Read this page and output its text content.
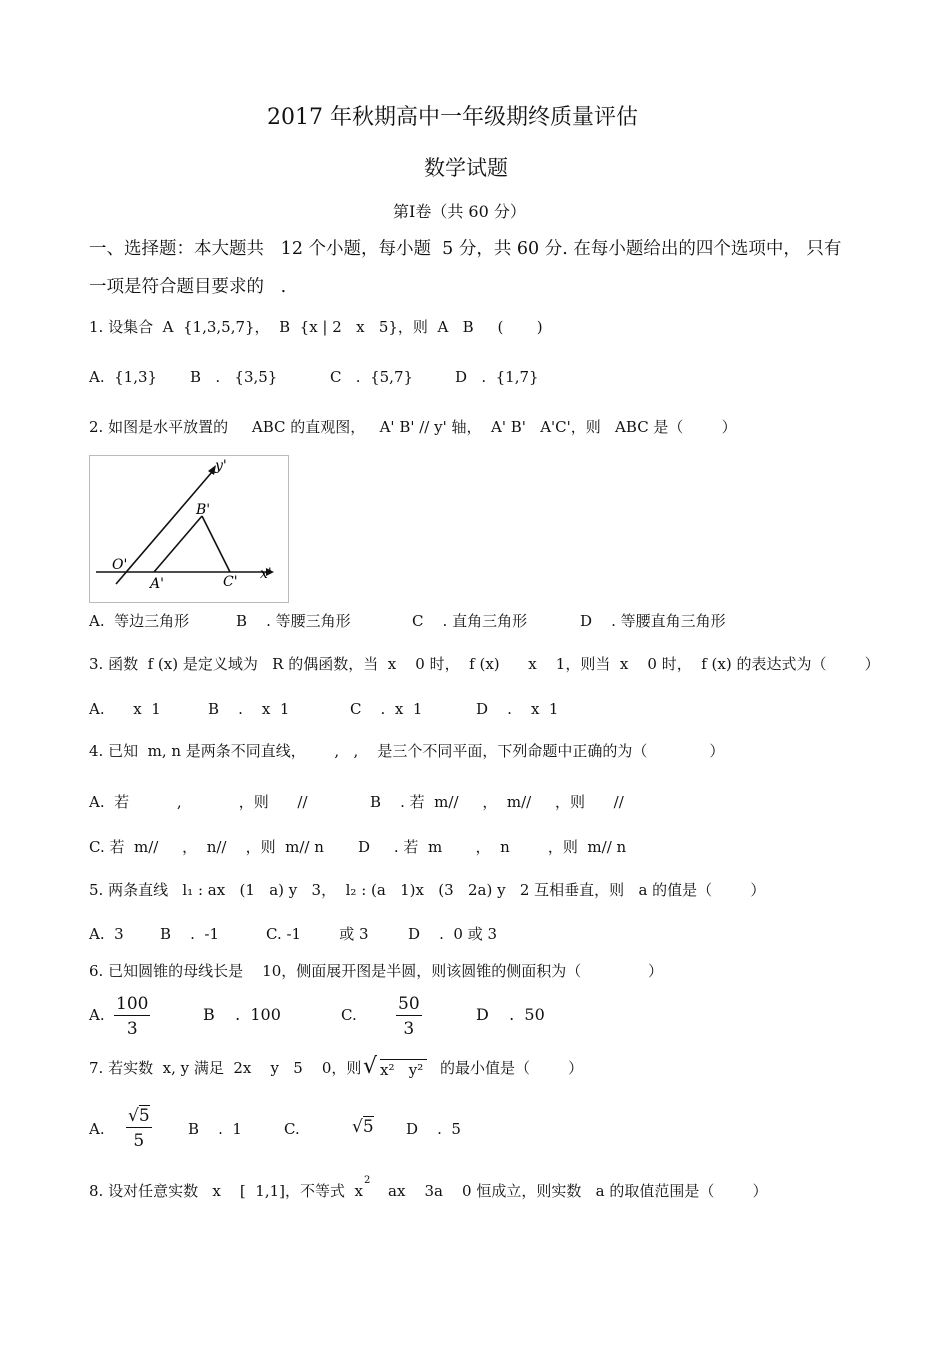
2017 年秋期高中一年级期终质量评估
数学试题
第Ⅰ卷（共 60 分）
一、选择题：本大题共   12 个小题，每小题  5 分，共 60 分. 在每小题给出的四个选项中， 只有
一项是符合题目要求的   .
1. 设集合  A  {1,3,5,7}，  B  {x | 2   x   5}，则  A   B     (       )
A.  {1,3} B   .   {3,5}	C   .  {5,7}	D   .  {1,7}
2. 如图是水平放置的     ABC 的直观图，   A' B' // y' 轴，  A' B'   A'C'，则   ABC 是（        ）
y'
x'
O'
A'
B'
C'
A.  等边三角形	B    . 等腰三角形	C    . 直角三角形	D    . 等腰直角三角形
3. 函数  f (x) 是定义域为   R 的偶函数，当  x    0 时，  f (x)      x    1，则当  x    0 时，  f (x) 的表达式为（        ）
A.      x  1	B    .    x  1	C    .  x  1	D    .    x  1
4. 已知  m, n 是两条不同直线，      ,   ,    是三个不同平面，下列命题中正确的为（             ）
A.  若          ,            ，则      //	B    . 若  m//     ，  m//     ，则      //
C. 若  m//     ，  n//    ，则  m// n D     . 若  m       ，  n        ，则  m// n
5. 两条直线   l₁ : ax   (1   a) y   3，  l₂ : (a   1)x   (3   2a) y   2 互相垂直，则   a 的值是（        ）
A.  3 B    .  -1	C. -1        或 3	D    .  0 或 3
6. 已知圆锥的母线长是    10，侧面展开图是半圆，则该圆锥的侧面积为（              ）
A. $\frac{100}{3}$	B    .  100	C. $\frac{50}{3}$	D    .  50
7. 若实数  x, y 满足  2x    y   5    0，则 √ x²   y² 的最小值是（        ）
A. $\frac{√5}{5}$ B    .  1	C.	√5 D    .  5
8. 设对任意实数   x    [  1,1]，不等式  x
2
ax    3a    0 恒成立，则实数   a 的取值范围是（        ）
